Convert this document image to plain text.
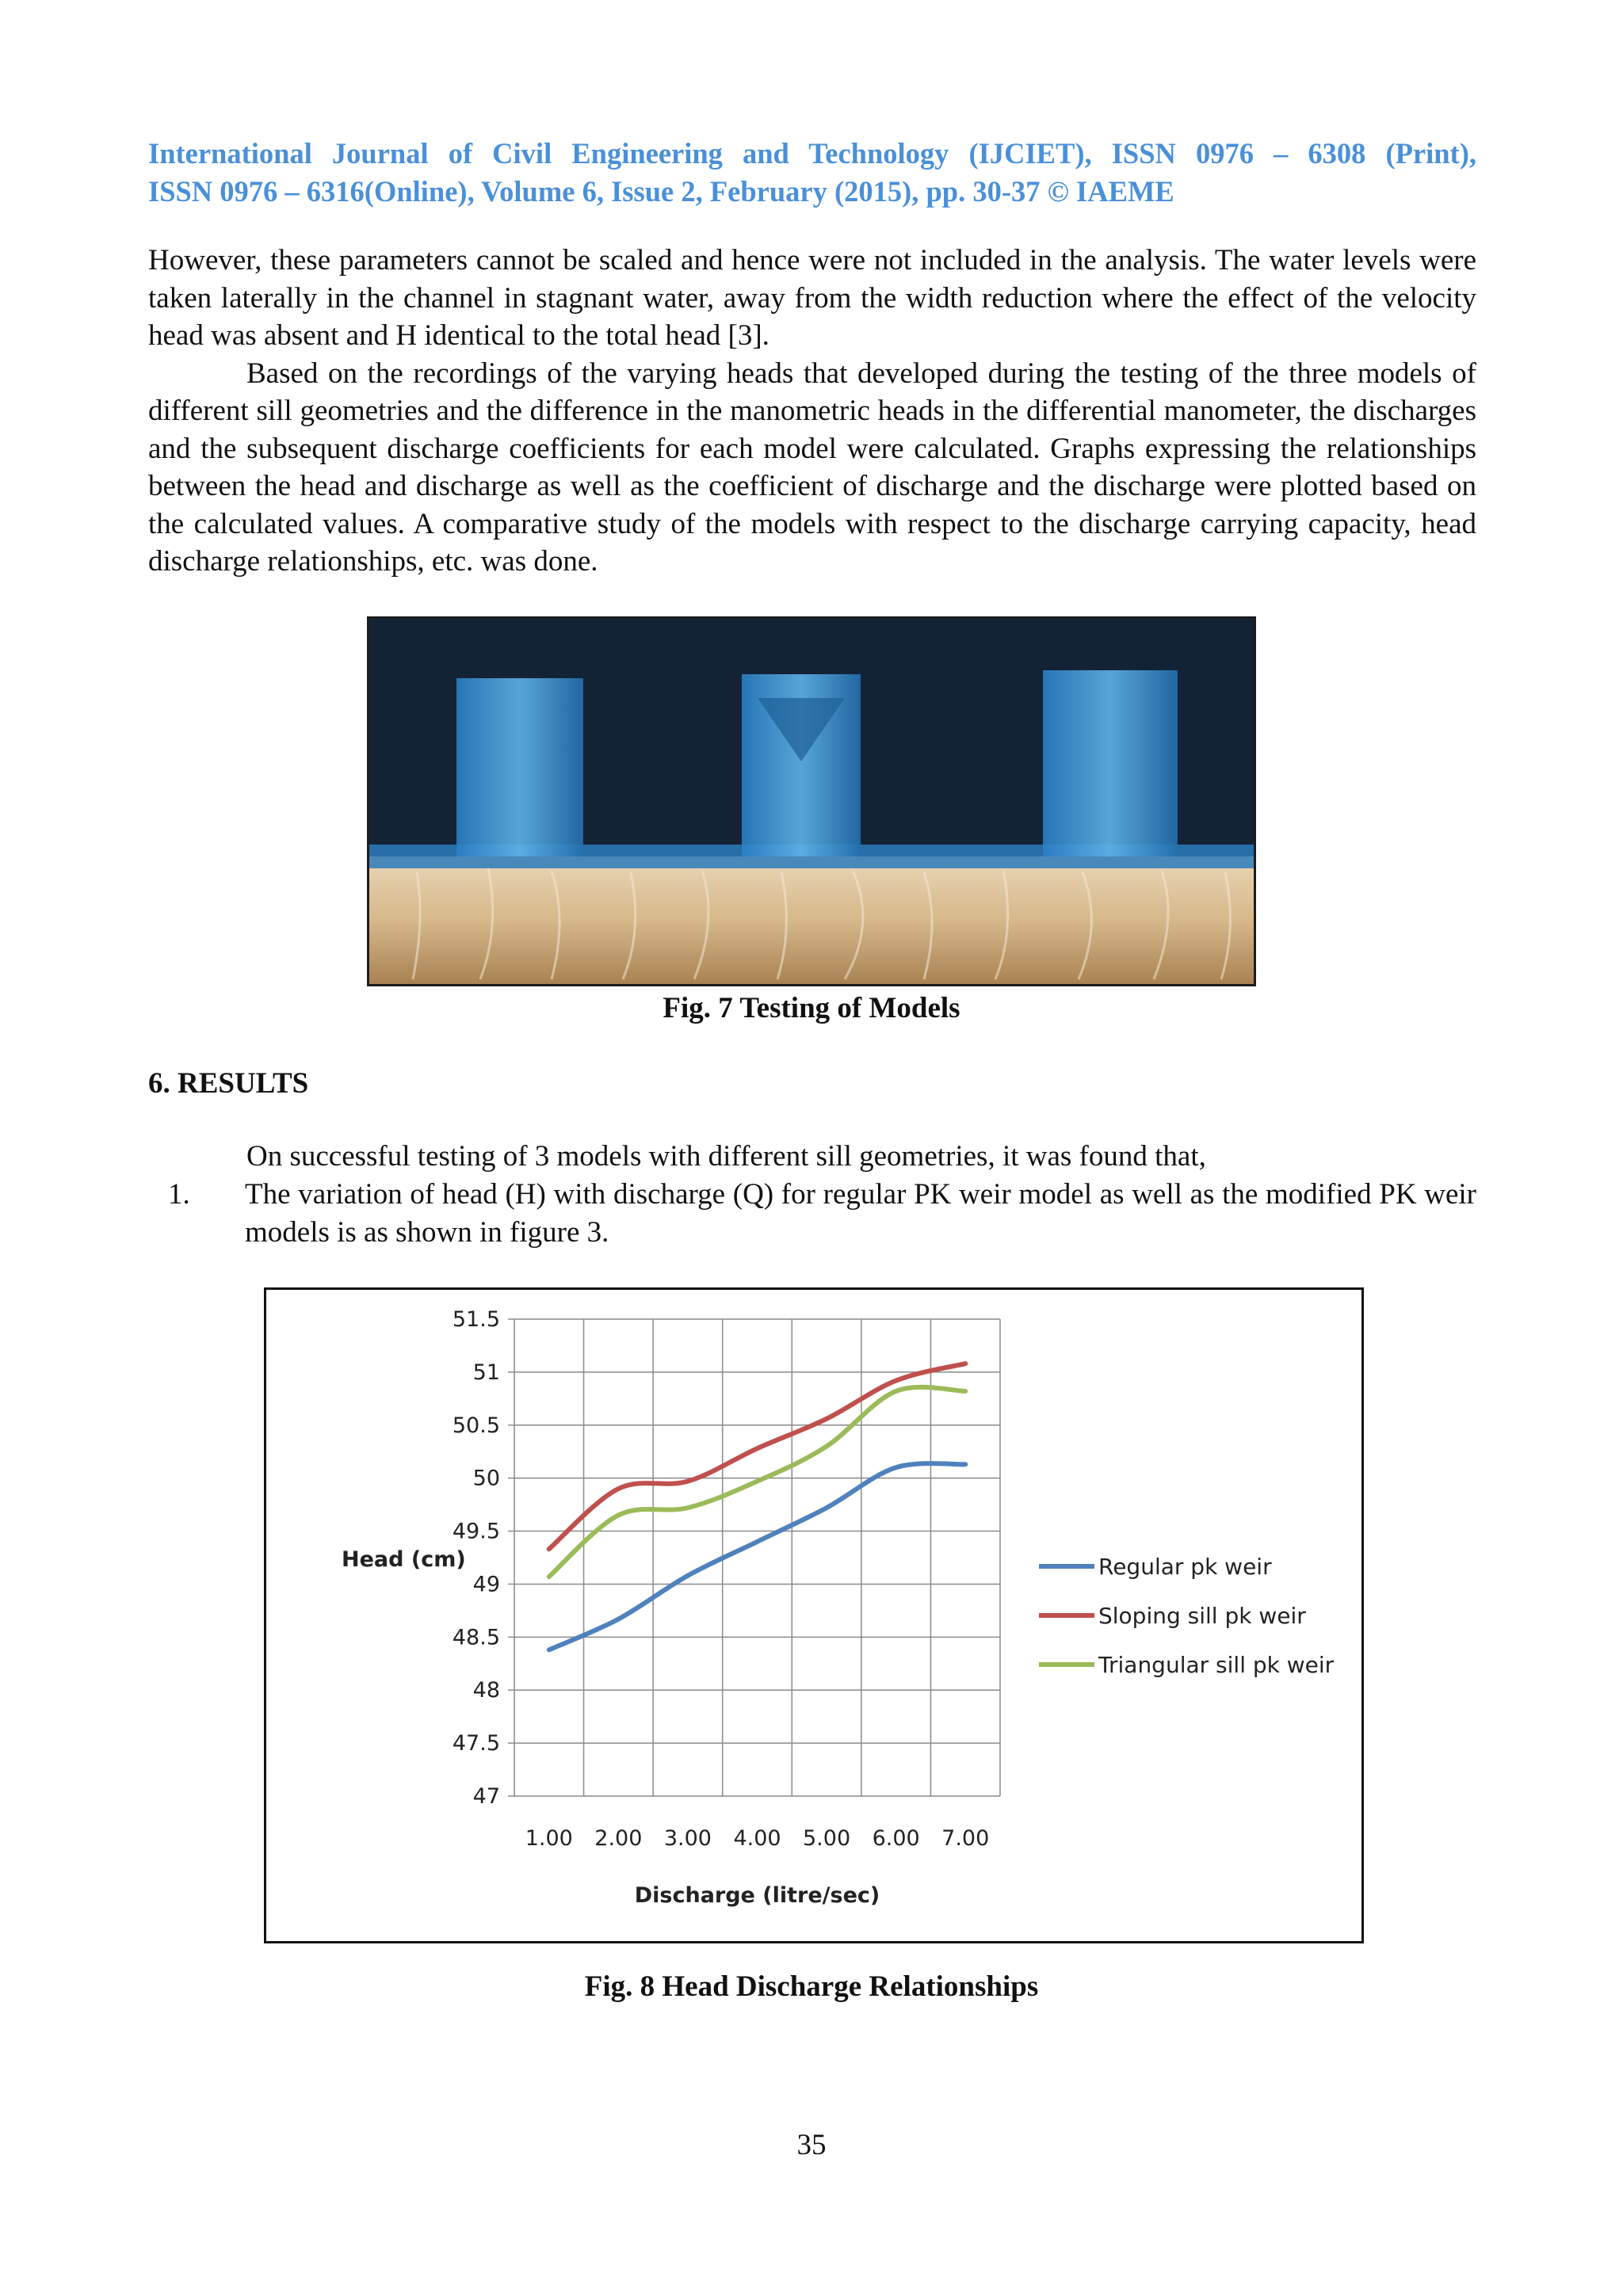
International Journal of Civil Engineering and Technology (IJCIET), ISSN 0976 – 6308 (Print),
ISSN 0976 – 6316(Online), Volume 6, Issue 2, February (2015), pp. 30-37 © IAEME

However, these parameters cannot be scaled and hence were not included in the analysis. The water levels were taken laterally in the channel in stagnant water, away from the width reduction where the effect of the velocity head was absent and H identical to the total head [3].

Based on the recordings of the varying heads that developed during the testing of the three models of different sill geometries and the difference in the manometric heads in the differential manometer, the discharges and the subsequent discharge coefficients for each model were calculated. Graphs expressing the relationships between the head and discharge as well as the coefficient of discharge and the discharge were plotted based on the calculated values. A comparative study of the models with respect to the discharge carrying capacity, head discharge relationships, etc. was done.

Fig. 7 Testing of Models
6. RESULTS

On successful testing of 3 models with different sill geometries, it was found that,

1. The variation of head (H) with discharge (Q) for regular PK weir model as well as the modified PK weir models is as shown in figure 3.
51.5
51
50.5
50
49.5
49
48.5
48
47.5
47
1.00 2.00 3.00 4.00 5.00 6.00 7.00
Head (cm)
Discharge (litre/sec)
Regular pk weir
Sloping sill pk weir
Triangular sill pk weir
Fig. 8 Head Discharge Relationships
35
